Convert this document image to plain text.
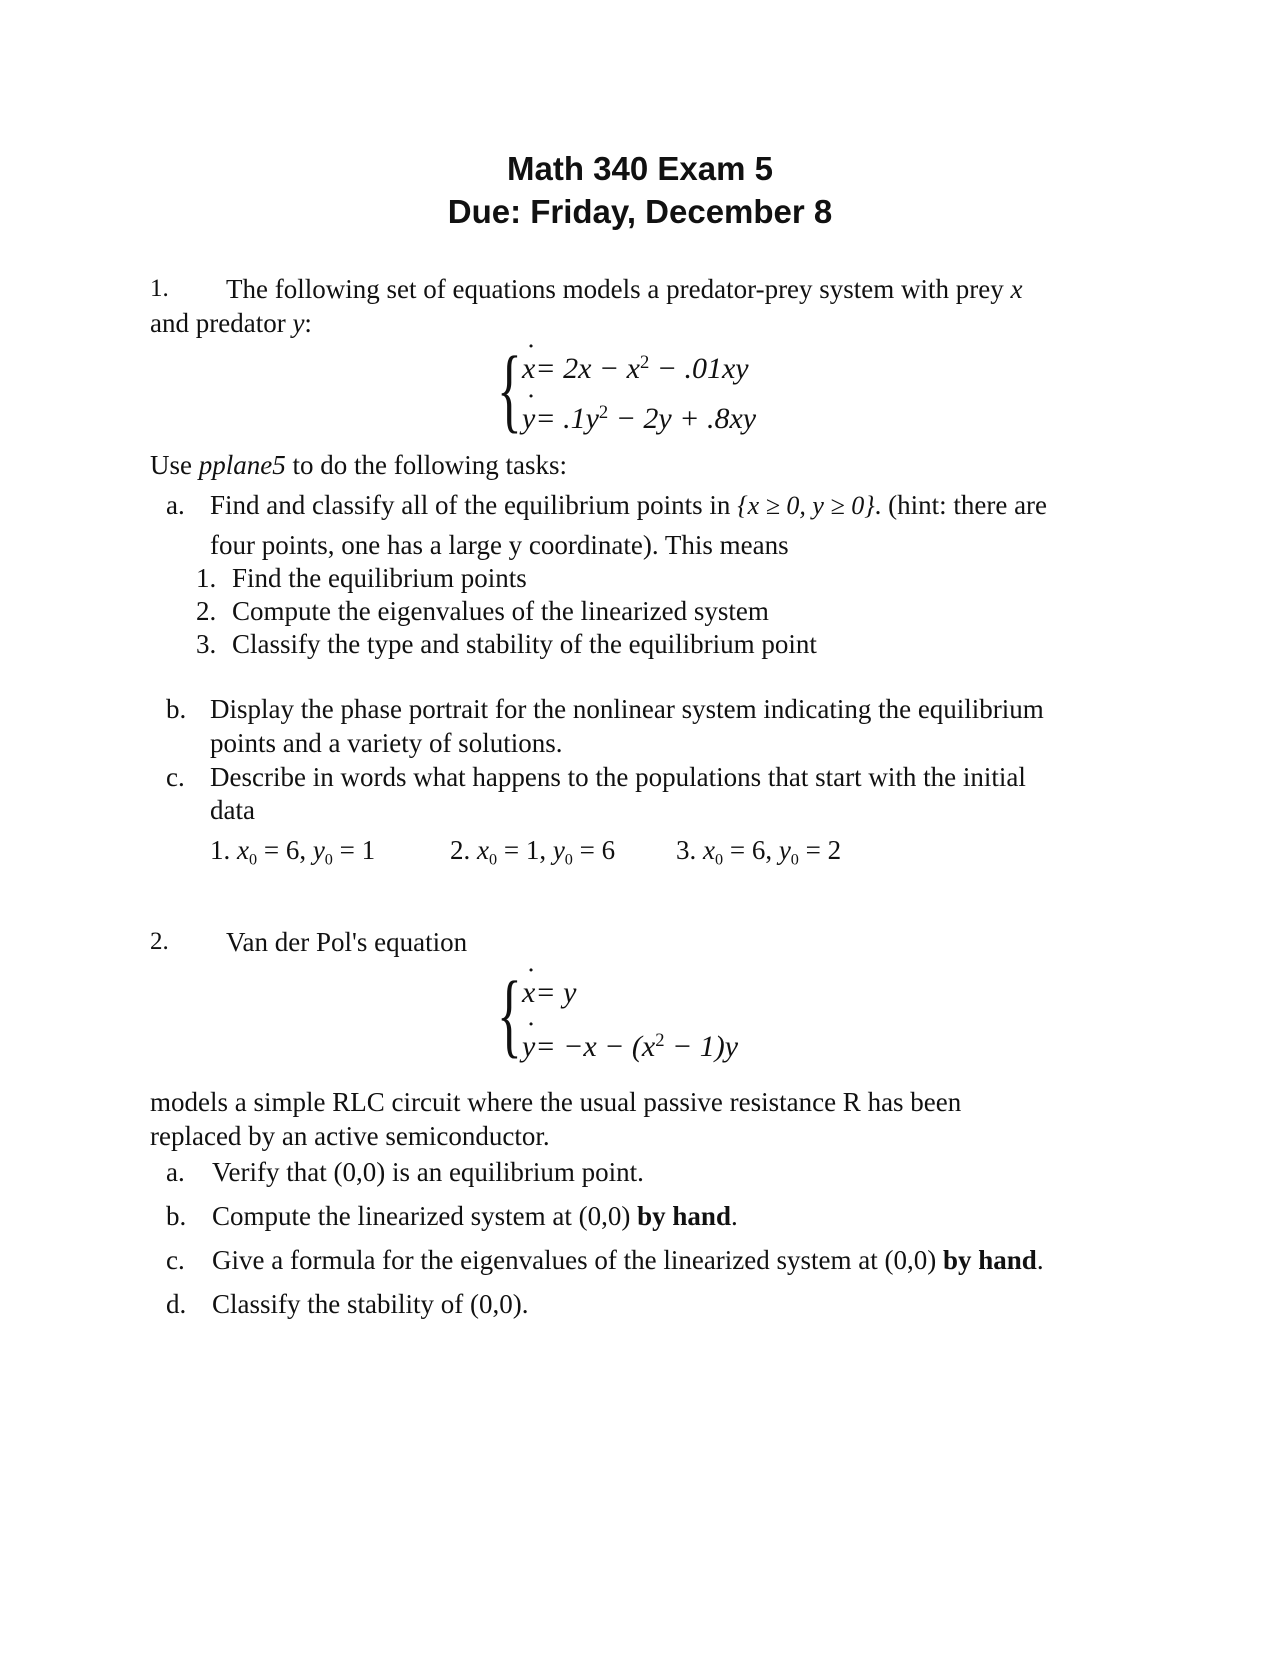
Math 340 Exam 5
Due: Friday, December 8
1. The following set of equations models a predator-prey system with prey x
and predator y:
{ x ˙= $2x - x^2 - .01xy$
y ˙= $.1y^2 - 2y + .8xy$
Use pplane5 to do the following tasks:
a. Find and classify all of the equilibrium points in {x ≥ 0, y ≥ 0}. (hint: there are
four points, one has a large y coordinate). This means
1. Find the equilibrium points
2. Compute the eigenvalues of the linearized system
3. Classify the type and stability of the equilibrium point
b. Display the phase portrait for the nonlinear system indicating the equilibrium
points and a variety of solutions.
c. Describe in words what happens to the populations that start with the initial
data
1. $x_0 = 6$, $y_0 = 1$	2. $x_0 = 1$, $y_0 = 6$ 3. $x_0 = 6$, $y_0 = 2$
2. Van der Pol's equation
{ x ˙= y
y ˙= $-x - (x^2 - 1)y$
models a simple RLC circuit where the usual passive resistance R has been
replaced by an active semiconductor.
a. Verify that (0,0) is an equilibrium point.
b. Compute the linearized system at (0,0) by hand.
c. Give a formula for the eigenvalues of the linearized system at (0,0) by hand.
d. Classify the stability of (0,0).
